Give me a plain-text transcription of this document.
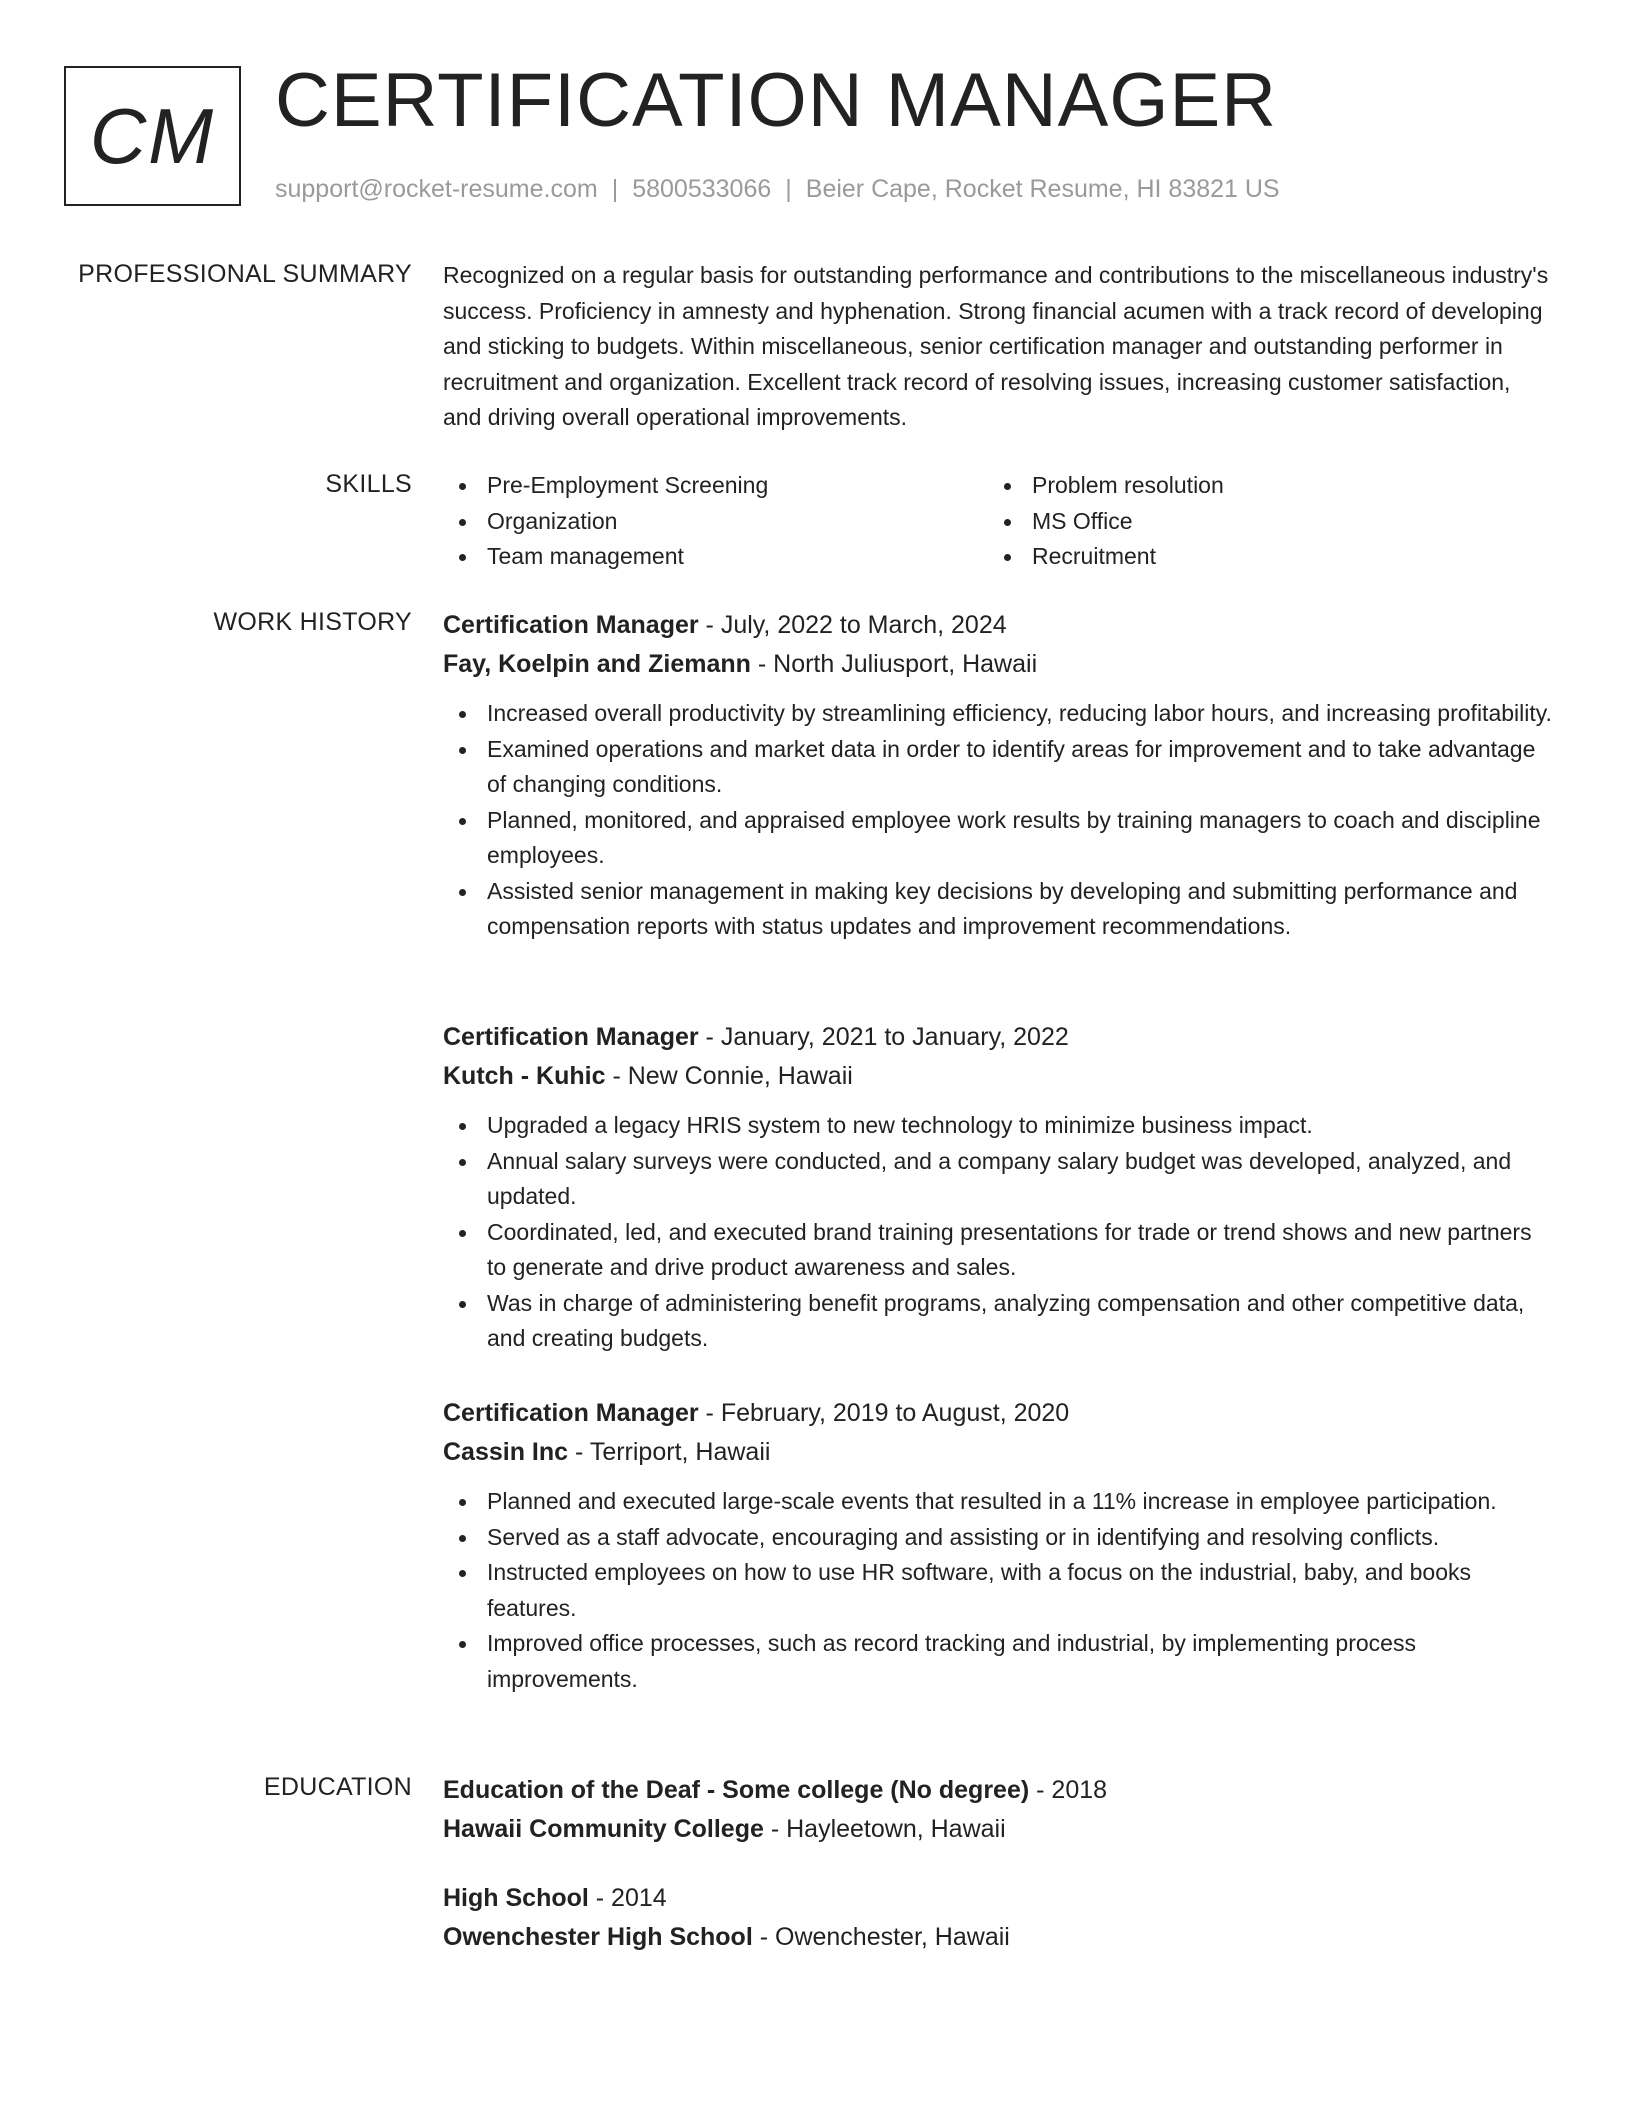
CM CERTIFICATION MANAGER
support@rocket-resume.com | 5800533066 | Beier Cape, Rocket Resume, HI 83821 US
PROFESSIONAL SUMMARY Recognized on a regular basis for outstanding performance and contributions to the miscellaneous industry's success. Proficiency in amnesty and hyphenation. Strong financial acumen with a track record of developing and sticking to budgets. Within miscellaneous, senior certification manager and outstanding performer in recruitment and organization. Excellent track record of resolving issues, increasing customer satisfaction, and driving overall operational improvements.

SKILLS	Pre-Employment Screening
Organization
Team management
Problem resolution
MS Office
Recruitment
WORK HISTORY Certification Manager - July, 2022 to March, 2024
Fay, Koelpin and Ziemann - North Juliusport, Hawaii
Increased overall productivity by streamlining efficiency, reducing labor hours, and increasing profitability.
Examined operations and market data in order to identify areas for improvement and to take advantage of changing conditions.
Planned, monitored, and appraised employee work results by training managers to coach and discipline employees.
Assisted senior management in making key decisions by developing and submitting performance and compensation reports with status updates and improvement recommendations.
Certification Manager - January, 2021 to January, 2022
Kutch - Kuhic - New Connie, Hawaii
Upgraded a legacy HRIS system to new technology to minimize business impact.
Annual salary surveys were conducted, and a company salary budget was developed, analyzed, and updated.
Coordinated, led, and executed brand training presentations for trade or trend shows and new partners to generate and drive product awareness and sales.
Was in charge of administering benefit programs, analyzing compensation and other competitive data, and creating budgets.
Certification Manager - February, 2019 to August, 2020
Cassin Inc - Terriport, Hawaii
Planned and executed large-scale events that resulted in a 11% increase in employee participation.
Served as a staff advocate, encouraging and assisting or in identifying and resolving conflicts.
Instructed employees on how to use HR software, with a focus on the industrial, baby, and books features.
Improved office processes, such as record tracking and industrial, by implementing process improvements.
EDUCATION Education of the Deaf - Some college (No degree) - 2018
Hawaii Community College - Hayleetown, Hawaii
High School - 2014
Owenchester High School - Owenchester, Hawaii
